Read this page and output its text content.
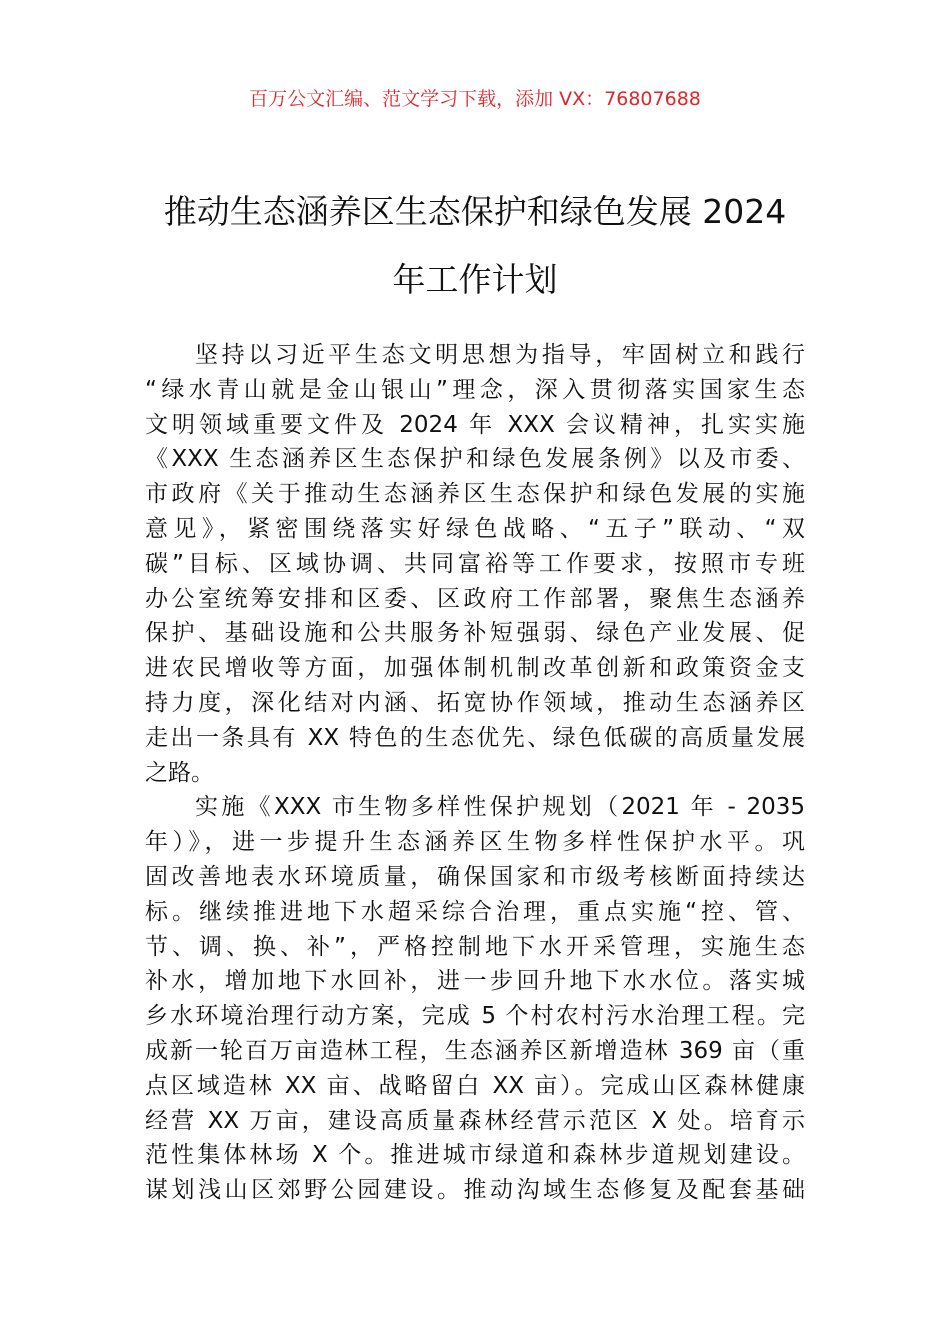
百万公文汇编、范文学习下载，添加 VX：76807688
推动生态涵养区生态保护和绿色发展 2024
年工作计划
坚持以习近平生态文明思想为指导，牢固树立和践行
“绿水青山就是金山银山”理念，深入贯彻落实国家生态
文明领域重要文件及 2024 年 XXX 会议精神，扎实实施
《XXX 生态涵养区生态保护和绿色发展条例》以及市委、
市政府《关于推动生态涵养区生态保护和绿色发展的实施
意见》，紧密围绕落实好绿色战略、“五子”联动、“双
碳”目标、区域协调、共同富裕等工作要求，按照市专班
办公室统筹安排和区委、区政府工作部署，聚焦生态涵养
保护、基础设施和公共服务补短强弱、绿色产业发展、促
进农民增收等方面，加强体制机制改革创新和政策资金支
持力度，深化结对内涵、拓宽协作领域，推动生态涵养区
走出一条具有 XX 特色的生态优先、绿色低碳的高质量发展
之路。
实施《XXX 市生物多样性保护规划（2021 年 - 2035
年）》，进一步提升生态涵养区生物多样性保护水平。巩
固改善地表水环境质量，确保国家和市级考核断面持续达
标。继续推进地下水超采综合治理，重点实施“控、管、
节、调、换、补”，严格控制地下水开采管理，实施生态
补水，增加地下水回补，进一步回升地下水水位。落实城
乡水环境治理行动方案，完成 5 个村农村污水治理工程。完
成新一轮百万亩造林工程，生态涵养区新增造林 369 亩（重
点区域造林 XX 亩、战略留白 XX 亩）。完成山区森林健康
经营 XX 万亩，建设高质量森林经营示范区 X 处。培育示
范性集体林场 X 个。推进城市绿道和森林步道规划建设。
谋划浅山区郊野公园建设。推动沟域生态修复及配套基础
